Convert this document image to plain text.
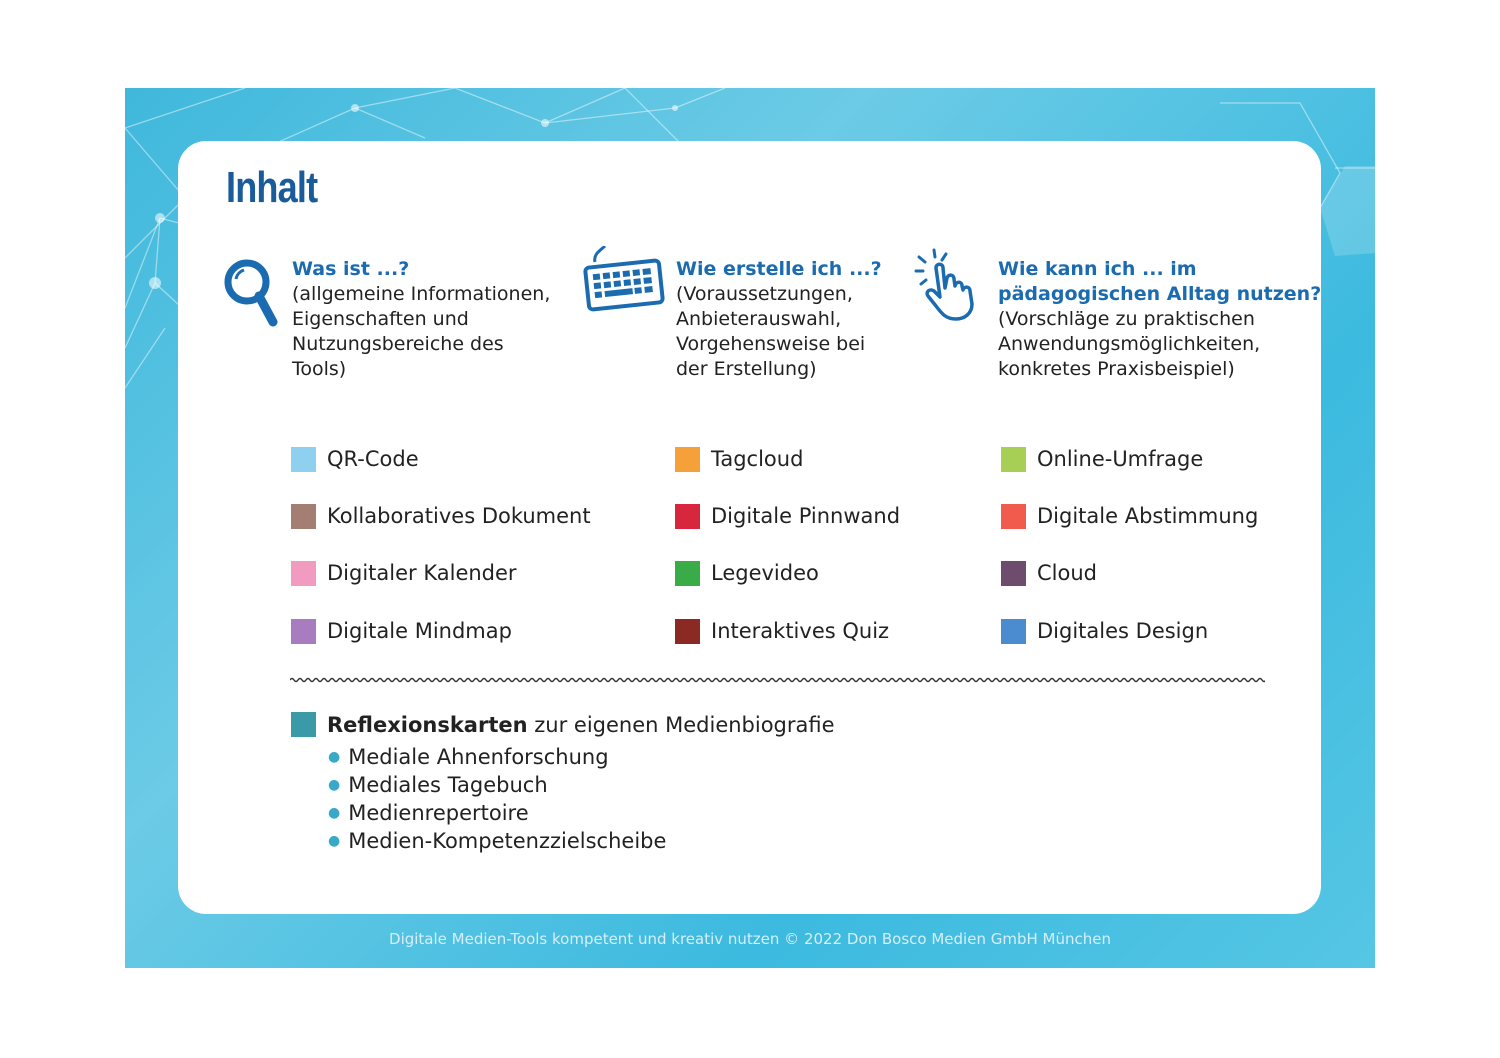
Inhalt
Was ist ...?
(allgemeine Informationen,
Eigenschaften und
Nutzungsbereiche des
Tools)
Wie erstelle ich ...?
(Voraussetzungen,
Anbieterauswahl,
Vorgehensweise bei
der Erstellung)
Wie kann ich ... im
pädagogischen Alltag nutzen?
(Vorschläge zu praktischen
Anwendungsmöglichkeiten,
konkretes Praxisbeispiel)
QR-Code
Kollaboratives Dokument
Digitaler Kalender
Digitale Mindmap
Tagcloud
Digitale Pinnwand
Legevideo
Interaktives Quiz
Online-Umfrage
Digitale Abstimmung
Cloud
Digitales Design
Reflexionskarten zur eigenen Medienbiografie
● Mediale Ahnenforschung
● Mediales Tagebuch
● Medienrepertoire
● Medien-Kompetenzzielscheibe
Digitale Medien-Tools kompetent und kreativ nutzen © 2022 Don Bosco Medien GmbH München
